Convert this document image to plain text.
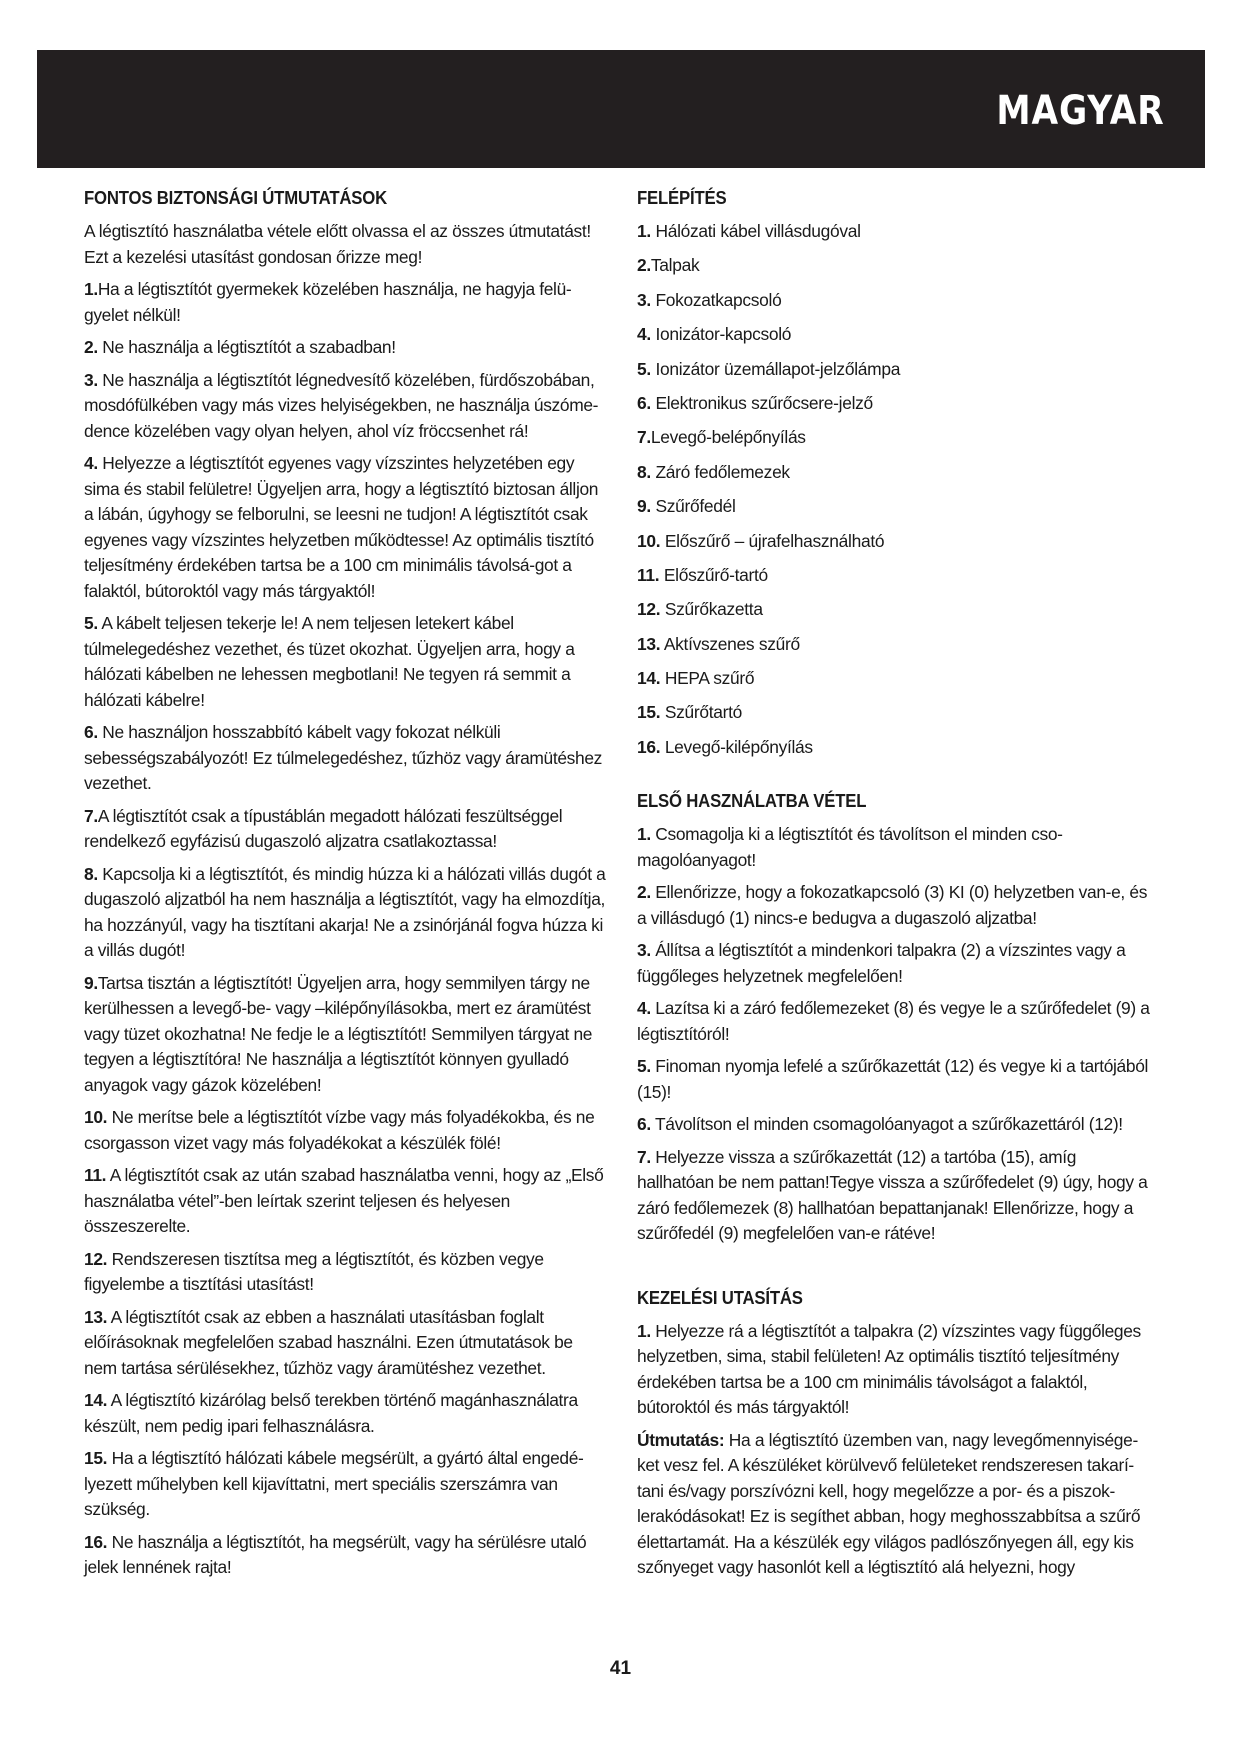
MAGYAR
FONTOS BIZTONSÁGI ÚTMUTATÁSOK

A légtisztító használatba vétele előtt olvassa el az összes útmutatást! Ezt a kezelési utasítást gondosan őrizze meg!

1.Ha a légtisztítót gyermekek közelében használja, ne hagyja felü-gyelet nélkül!

2. Ne használja a légtisztítót a szabadban!

3. Ne használja a légtisztítót légnedvesítő közelében, fürdőszobában, mosdófülkében vagy más vizes helyiségekben, ne használja úszóme-dence közelében vagy olyan helyen, ahol víz fröccsenhet rá!

4. Helyezze a légtisztítót egyenes vagy vízszintes helyzetében egy sima és stabil felületre! Ügyeljen arra, hogy a légtisztító biztosan álljon a lábán, úgyhogy se felborulni, se leesni ne tudjon! A légtisztítót csak egyenes vagy vízszintes helyzetben működtesse! Az optimális tisztító teljesítmény érdekében tartsa be a 100 cm minimális távolsá-got a falaktól, bútoroktól vagy más tárgyaktól!

5. A kábelt teljesen tekerje le! A nem teljesen letekert kábel túlmelegedéshez vezethet, és tüzet okozhat. Ügyeljen arra, hogy a hálózati kábelben ne lehessen megbotlani! Ne tegyen rá semmit a hálózati kábelre!

6. Ne használjon hosszabbító kábelt vagy fokozat nélküli sebességszabályozót! Ez túlmelegedéshez, tűzhöz vagy áramütéshez vezethet.

7.A légtisztítót csak a típustáblán megadott hálózati feszültséggel rendelkező egyfázisú dugaszoló aljzatra csatlakoztassa!

8. Kapcsolja ki a légtisztítót, és mindig húzza ki a hálózati villás dugót a dugaszoló aljzatból ha nem használja a légtisztítót, vagy ha elmozdítja, ha hozzányúl, vagy ha tisztítani akarja! Ne a zsinórjánál fogva húzza ki a villás dugót!

9.Tartsa tisztán a légtisztítót! Ügyeljen arra, hogy semmilyen tárgy ne kerülhessen a levegő-be- vagy –kilépőnyílásokba, mert ez áramütést vagy tüzet okozhatna! Ne fedje le a légtisztítót! Semmilyen tárgyat ne tegyen a légtisztítóra! Ne használja a légtisztítót könnyen gyulladó anyagok vagy gázok közelében!

10. Ne merítse bele a légtisztítót vízbe vagy más folyadékokba, és ne csorgasson vizet vagy más folyadékokat a készülék fölé!

11. A légtisztítót csak az után szabad használatba venni, hogy az „Első használatba vétel”-ben leírtak szerint teljesen és helyesen összeszerelte.

12. Rendszeresen tisztítsa meg a légtisztítót, és közben vegye figyelembe a tisztítási utasítást!

13. A légtisztítót csak az ebben a használati utasításban foglalt előírásoknak megfelelően szabad használni. Ezen útmutatások be nem tartása sérülésekhez, tűzhöz vagy áramütéshez vezethet.

14. A légtisztító kizárólag belső terekben történő magánhasználatra készült, nem pedig ipari felhasználásra.

15. Ha a légtisztító hálózati kábele megsérült, a gyártó által engedé-lyezett műhelyben kell kijavíttatni, mert speciális szerszámra van szükség.

16. Ne használja a légtisztítót, ha megsérült, vagy ha sérülésre utaló jelek lennének rajta!

FELÉPÍTÉS

1. Hálózati kábel villásdugóval

2.Talpak

3. Fokozatkapcsoló

4. Ionizátor-kapcsoló

5. Ionizátor üzemállapot-jelzőlámpa

6. Elektronikus szűrőcsere-jelző

7.Levegő-belépőnyílás

8. Záró fedőlemezek

9. Szűrőfedél

10. Előszűrő – újrafelhasználható

11. Előszűrő-tartó

12. Szűrőkazetta

13. Aktívszenes szűrő

14. HEPA szűrő

15. Szűrőtartó

16. Levegő-kilépőnyílás

ELSŐ HASZNÁLATBA VÉTEL

1. Csomagolja ki a légtisztítót és távolítson el minden cso-magolóanyagot!

2. Ellenőrizze, hogy a fokozatkapcsoló (3) KI (0) helyzetben van-e, és a villásdugó (1) nincs-e bedugva a dugaszoló aljzatba!

3. Állítsa a légtisztítót a mindenkori talpakra (2) a vízszintes vagy a függőleges helyzetnek megfelelően!

4. Lazítsa ki a záró fedőlemezeket (8) és vegye le a szűrőfedelet (9) a légtisztítóról!

5. Finoman nyomja lefelé a szűrőkazettát (12) és vegye ki a tartójából (15)!

6. Távolítson el minden csomagolóanyagot a szűrőkazettáról (12)!

7. Helyezze vissza a szűrőkazettát (12) a tartóba (15), amíg hallhatóan be nem pattan!Tegye vissza a szűrőfedelet (9) úgy, hogy a záró fedőlemezek (8) hallhatóan bepattanjanak! Ellenőrizze, hogy a szűrőfedél (9) megfelelően van-e rátéve!

KEZELÉSI UTASÍTÁS

1. Helyezze rá a légtisztítót a talpakra (2) vízszintes vagy függőleges helyzetben, sima, stabil felületen! Az optimális tisztító teljesítmény érdekében tartsa be a 100 cm minimális távolságot a falaktól, bútoroktól és más tárgyaktól!

Útmutatás: Ha a légtisztító üzemben van, nagy levegőmennyisége-ket vesz fel. A készüléket körülvevő felületeket rendszeresen takarí-tani és/vagy porszívózni kell, hogy megelőzze a por- és a piszok-lerakódásokat! Ez is segíthet abban, hogy meghosszabbítsa a szűrő élettartamát. Ha a készülék egy világos padlószőnyegen áll, egy kis szőnyeget vagy hasonlót kell a légtisztító alá helyezni, hogy

41
